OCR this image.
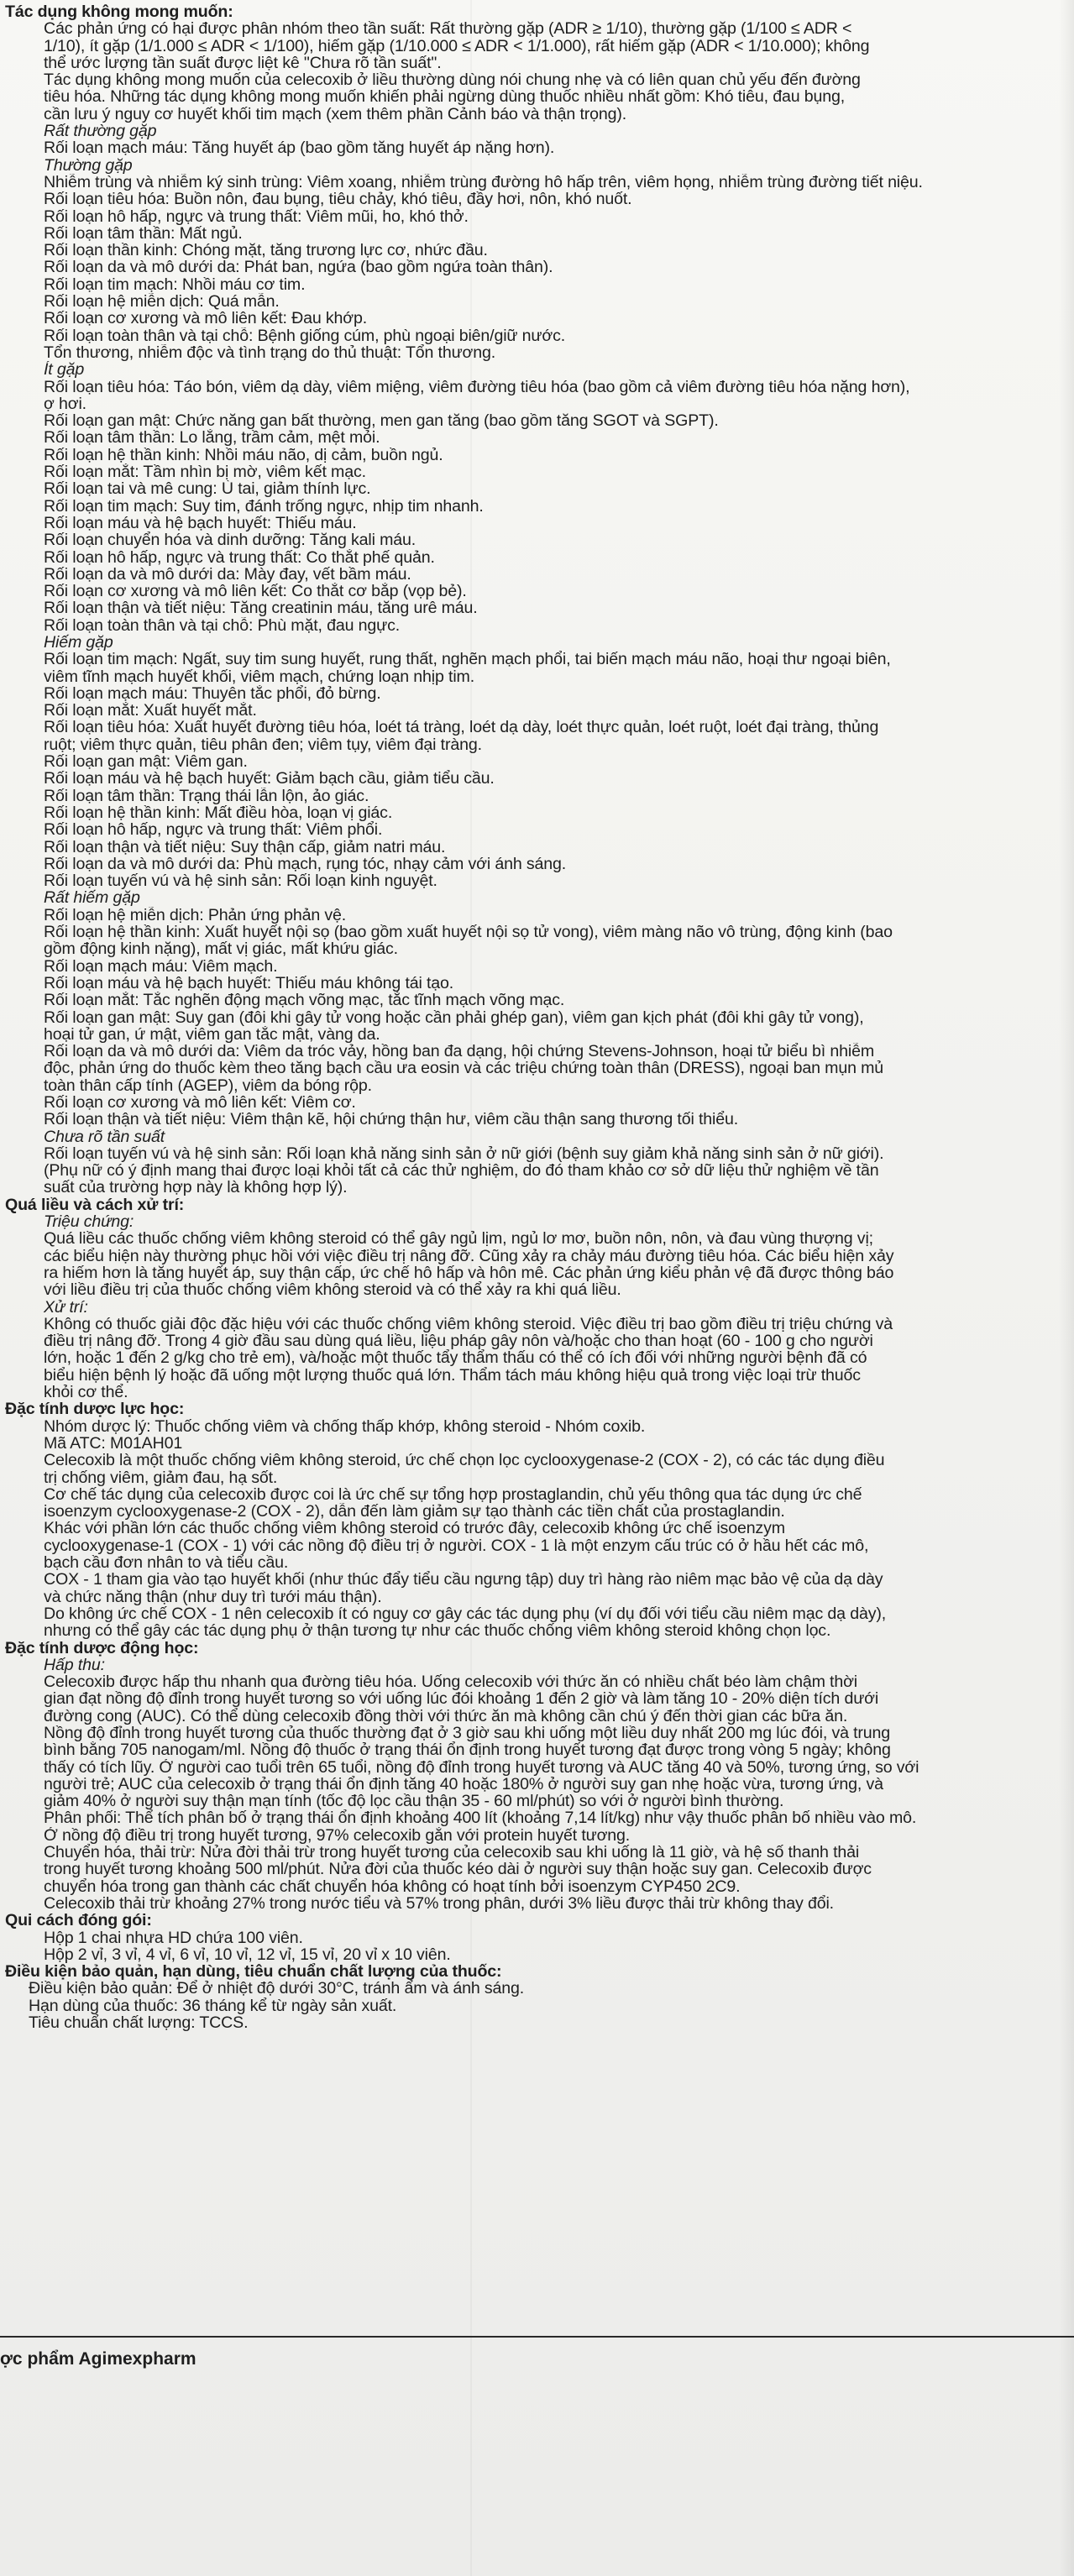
Tác dụng không mong muốn:
Các phản ứng có hại được phân nhóm theo tần suất: Rất thường gặp (ADR ≥ 1/10), thường gặp (1/100 ≤ ADR <
1/10), ít gặp (1/1.000 ≤ ADR < 1/100), hiếm gặp (1/10.000 ≤ ADR < 1/1.000), rất hiếm gặp (ADR < 1/10.000); không
thể ước lượng tần suất được liệt kê "Chưa rõ tần suất".
Tác dụng không mong muốn của celecoxib ở liều thường dùng nói chung nhẹ và có liên quan chủ yếu đến đường
tiêu hóa. Những tác dụng không mong muốn khiến phải ngừng dùng thuốc nhiều nhất gồm: Khó tiêu, đau bụng,
cần lưu ý nguy cơ huyết khối tim mạch (xem thêm phần Cảnh báo và thận trọng).
Rất thường gặp
Rối loạn mạch máu: Tăng huyết áp (bao gồm tăng huyết áp nặng hơn).
Thường gặp
Nhiễm trùng và nhiễm ký sinh trùng: Viêm xoang, nhiễm trùng đường hô hấp trên, viêm họng, nhiễm trùng đường tiết niệu.
Rối loạn tiêu hóa: Buồn nôn, đau bụng, tiêu chảy, khó tiêu, đầy hơi, nôn, khó nuốt.
Rối loạn hô hấp, ngực và trung thất: Viêm mũi, ho, khó thở.
Rối loạn tâm thần: Mất ngủ.
Rối loạn thần kinh: Chóng mặt, tăng trương lực cơ, nhức đầu.
Rối loạn da và mô dưới da: Phát ban, ngứa (bao gồm ngứa toàn thân).
Rối loạn tim mạch: Nhồi máu cơ tim.
Rối loạn hệ miễn dịch: Quá mẫn.
Rối loạn cơ xương và mô liên kết: Đau khớp.
Rối loạn toàn thân và tại chỗ: Bệnh giống cúm, phù ngoại biên/giữ nước.
Tổn thương, nhiễm độc và tình trạng do thủ thuật: Tổn thương.
Ít gặp
Rối loạn tiêu hóa: Táo bón, viêm dạ dày, viêm miệng, viêm đường tiêu hóa (bao gồm cả viêm đường tiêu hóa nặng hơn),
ợ hơi.
Rối loạn gan mật: Chức năng gan bất thường, men gan tăng (bao gồm tăng SGOT và SGPT).
Rối loạn tâm thần: Lo lắng, trầm cảm, mệt mỏi.
Rối loạn hệ thần kinh: Nhồi máu não, dị cảm, buồn ngủ.
Rối loạn mắt: Tầm nhìn bị mờ, viêm kết mạc.
Rối loạn tai và mê cung: Ù tai, giảm thính lực.
Rối loạn tim mạch: Suy tim, đánh trống ngực, nhịp tim nhanh.
Rối loạn máu và hệ bạch huyết: Thiếu máu.
Rối loạn chuyển hóa và dinh dưỡng: Tăng kali máu.
Rối loạn hô hấp, ngực và trung thất: Co thắt phế quản.
Rối loạn da và mô dưới da: Mày đay, vết bầm máu.
Rối loạn cơ xương và mô liên kết: Co thắt cơ bắp (vọp bẻ).
Rối loạn thận và tiết niệu: Tăng creatinin máu, tăng urê máu.
Rối loạn toàn thân và tại chỗ: Phù mặt, đau ngực.
Hiếm gặp
Rối loạn tim mạch: Ngất, suy tim sung huyết, rung thất, nghẽn mạch phổi, tai biến mạch máu não, hoại thư ngoại biên,
viêm tĩnh mạch huyết khối, viêm mạch, chứng loạn nhịp tim.
Rối loạn mạch máu: Thuyên tắc phổi, đỏ bừng.
Rối loạn mắt: Xuất huyết mắt.
Rối loạn tiêu hóa: Xuất huyết đường tiêu hóa, loét tá tràng, loét dạ dày, loét thực quản, loét ruột, loét đại tràng, thủng
ruột; viêm thực quản, tiêu phân đen; viêm tụy, viêm đại tràng.
Rối loạn gan mật: Viêm gan.
Rối loạn máu và hệ bạch huyết: Giảm bạch cầu, giảm tiểu cầu.
Rối loạn tâm thần: Trạng thái lẫn lộn, ảo giác.
Rối loạn hệ thần kinh: Mất điều hòa, loạn vị giác.
Rối loạn hô hấp, ngực và trung thất: Viêm phổi.
Rối loạn thận và tiết niệu: Suy thận cấp, giảm natri máu.
Rối loạn da và mô dưới da: Phù mạch, rụng tóc, nhạy cảm với ánh sáng.
Rối loạn tuyến vú và hệ sinh sản: Rối loạn kinh nguyệt.
Rất hiếm gặp
Rối loạn hệ miễn dịch: Phản ứng phản vệ.
Rối loạn hệ thần kinh: Xuất huyết nội sọ (bao gồm xuất huyết nội sọ tử vong), viêm màng não vô trùng, động kinh (bao
gồm động kinh nặng), mất vị giác, mất khứu giác.
Rối loạn mạch máu: Viêm mạch.
Rối loạn máu và hệ bạch huyết: Thiếu máu không tái tạo.
Rối loạn mắt: Tắc nghẽn động mạch võng mạc, tắc tĩnh mạch võng mạc.
Rối loạn gan mật: Suy gan (đôi khi gây tử vong hoặc cần phải ghép gan), viêm gan kịch phát (đôi khi gây tử vong),
hoại tử gan, ứ mật, viêm gan tắc mật, vàng da.
Rối loạn da và mô dưới da: Viêm da tróc vảy, hồng ban đa dạng, hội chứng Stevens-Johnson, hoại tử biểu bì nhiễm
độc, phản ứng do thuốc kèm theo tăng bạch cầu ưa eosin và các triệu chứng toàn thân (DRESS), ngoại ban mụn mủ
toàn thân cấp tính (AGEP), viêm da bóng rộp.
Rối loạn cơ xương và mô liên kết: Viêm cơ.
Rối loạn thận và tiết niệu: Viêm thận kẽ, hội chứng thận hư, viêm cầu thận sang thương tối thiểu.
Chưa rõ tần suất
Rối loạn tuyến vú và hệ sinh sản: Rối loạn khả năng sinh sản ở nữ giới (bệnh suy giảm khả năng sinh sản ở nữ giới).
(Phụ nữ có ý định mang thai được loại khỏi tất cả các thử nghiệm, do đó tham khảo cơ sở dữ liệu thử nghiệm về tần
suất của trường hợp này là không hợp lý).
Quá liều và cách xử trí:
Triệu chứng:
Quá liều các thuốc chống viêm không steroid có thể gây ngủ lịm, ngủ lơ mơ, buồn nôn, nôn, và đau vùng thượng vị;
các biểu hiện này thường phục hồi với việc điều trị nâng đỡ. Cũng xảy ra chảy máu đường tiêu hóa. Các biểu hiện xảy
ra hiếm hơn là tăng huyết áp, suy thận cấp, ức chế hô hấp và hôn mê. Các phản ứng kiểu phản vệ đã được thông báo
với liều điều trị của thuốc chống viêm không steroid và có thể xảy ra khi quá liều.
Xử trí:
Không có thuốc giải độc đặc hiệu với các thuốc chống viêm không steroid. Việc điều trị bao gồm điều trị triệu chứng và
điều trị nâng đỡ. Trong 4 giờ đầu sau dùng quá liều, liệu pháp gây nôn và/hoặc cho than hoạt (60 - 100 g cho người
lớn, hoặc 1 đến 2 g/kg cho trẻ em), và/hoặc một thuốc tẩy thẩm thấu có thể có ích đối với những người bệnh đã có
biểu hiện bệnh lý hoặc đã uống một lượng thuốc quá lớn. Thẩm tách máu không hiệu quả trong việc loại trừ thuốc
khỏi cơ thể.
Đặc tính dược lực học:
Nhóm dược lý: Thuốc chống viêm và chống thấp khớp, không steroid - Nhóm coxib.
Mã ATC: M01AH01
Celecoxib là một thuốc chống viêm không steroid, ức chế chọn lọc cyclooxygenase-2 (COX - 2), có các tác dụng điều
trị chống viêm, giảm đau, hạ sốt.
Cơ chế tác dụng của celecoxib được coi là ức chế sự tổng hợp prostaglandin, chủ yếu thông qua tác dụng ức chế
isoenzym cyclooxygenase-2 (COX - 2), dẫn đến làm giảm sự tạo thành các tiền chất của prostaglandin.
Khác với phần lớn các thuốc chống viêm không steroid có trước đây, celecoxib không ức chế isoenzym
cyclooxygenase-1 (COX - 1) với các nồng độ điều trị ở người. COX - 1 là một enzym cấu trúc có ở hầu hết các mô,
bạch cầu đơn nhân to và tiểu cầu.
COX - 1 tham gia vào tạo huyết khối (như thúc đẩy tiểu cầu ngưng tập) duy trì hàng rào niêm mạc bảo vệ của dạ dày
và chức năng thận (như duy trì tưới máu thận).
Do không ức chế COX - 1 nên celecoxib ít có nguy cơ gây các tác dụng phụ (ví dụ đối với tiểu cầu niêm mạc dạ dày),
nhưng có thể gây các tác dụng phụ ở thận tương tự như các thuốc chống viêm không steroid không chọn lọc.
Đặc tính dược động học:
Hấp thu:
Celecoxib được hấp thu nhanh qua đường tiêu hóa. Uống celecoxib với thức ăn có nhiều chất béo làm chậm thời
gian đạt nồng độ đỉnh trong huyết tương so với uống lúc đói khoảng 1 đến 2 giờ và làm tăng 10 - 20% diện tích dưới
đường cong (AUC). Có thể dùng celecoxib đồng thời với thức ăn mà không cần chú ý đến thời gian các bữa ăn.
Nồng độ đỉnh trong huyết tương của thuốc thường đạt ở 3 giờ sau khi uống một liều duy nhất 200 mg lúc đói, và trung
bình bằng 705 nanogam/ml. Nồng độ thuốc ở trạng thái ổn định trong huyết tương đạt được trong vòng 5 ngày; không
thấy có tích lũy. Ở người cao tuổi trên 65 tuổi, nồng độ đỉnh trong huyết tương và AUC tăng 40 và 50%, tương ứng, so với
người trẻ; AUC của celecoxib ở trạng thái ổn định tăng 40 hoặc 180% ở người suy gan nhẹ hoặc vừa, tương ứng, và
giảm 40% ở người suy thận mạn tính (tốc độ lọc cầu thận 35 - 60 ml/phút) so với ở người bình thường.
Phân phối: Thể tích phân bố ở trạng thái ổn định khoảng 400 lít (khoảng 7,14 lít/kg) như vậy thuốc phân bố nhiều vào mô.
Ở nồng độ điều trị trong huyết tương, 97% celecoxib gắn với protein huyết tương.
Chuyển hóa, thải trừ: Nửa đời thải trừ trong huyết tương của celecoxib sau khi uống là 11 giờ, và hệ số thanh thải
trong huyết tương khoảng 500 ml/phút. Nửa đời của thuốc kéo dài ở người suy thận hoặc suy gan. Celecoxib được
chuyển hóa trong gan thành các chất chuyển hóa không có hoạt tính bởi isoenzym CYP450 2C9.
Celecoxib thải trừ khoảng 27% trong nước tiểu và 57% trong phân, dưới 3% liều được thải trừ không thay đổi.
Qui cách đóng gói:
Hộp 1 chai nhựa HD chứa 100 viên.
Hộp 2 vỉ, 3 vỉ, 4 vỉ, 6 vỉ, 10 vỉ, 12 vỉ, 15 vỉ, 20 vỉ x 10 viên.
Điều kiện bảo quản, hạn dùng, tiêu chuẩn chất lượng của thuốc:
Điều kiện bảo quản: Để ở nhiệt độ dưới 30°C, tránh ẩm và ánh sáng.
Hạn dùng của thuốc: 36 tháng kể từ ngày sản xuất.
Tiêu chuẩn chất lượng: TCCS.
ợc phẩm Agimexpharm
